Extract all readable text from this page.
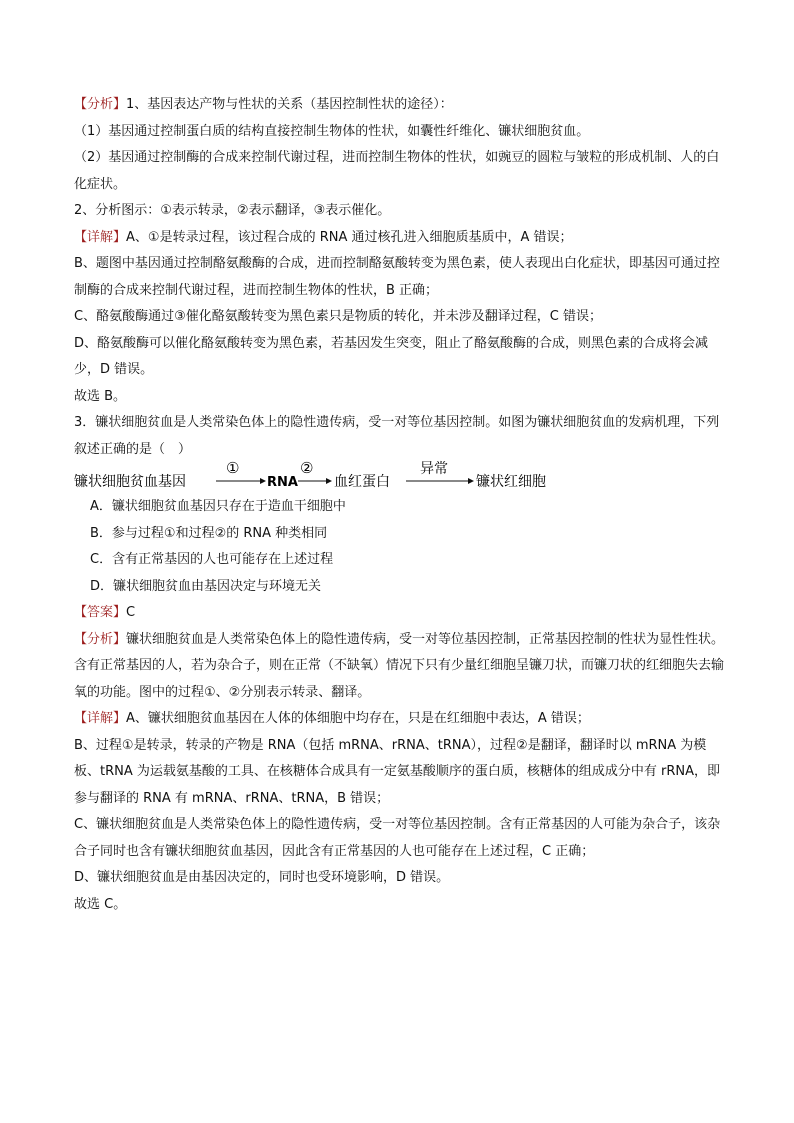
【分析】1、基因表达产物与性状的关系（基因控制性状的途径）：

（1）基因通过控制蛋白质的结构直接控制生物体的性状，如囊性纤维化、镰状细胞贫血。

（2）基因通过控制酶的合成来控制代谢过程，进而控制生物体的性状，如豌豆的圆粒与皱粒的形成机制、人的白化症状。

2、分析图示：①表示转录，②表示翻译，③表示催化。

【详解】A、①是转录过程，该过程合成的 RNA 通过核孔进入细胞质基质中，A 错误；

B、题图中基因通过控制酪氨酸酶的合成，进而控制酪氨酸转变为黑色素，使人表现出白化症状，即基因可通过控制酶的合成来控制代谢过程，进而控制生物体的性状，B 正确；

C、酪氨酸酶通过③催化酪氨酸转变为黑色素只是物质的转化，并未涉及翻译过程，C 错误；

D、酪氨酸酶可以催化酪氨酸转变为黑色素，若基因发生突变，阻止了酪氨酸酶的合成，则黑色素的合成将会减少，D 错误。

故选 B。

3．镰状细胞贫血是人类常染色体上的隐性遗传病，受一对等位基因控制。如图为镰状细胞贫血的发病机理，下列叙述正确的是（　）

镰状细胞贫血基因
①
RNA
②
血红蛋白
异常
镰状红细胞

A．镰状细胞贫血基因只存在于造血干细胞中

B．参与过程①和过程②的 RNA 种类相同

C．含有正常基因的人也可能存在上述过程

D．镰状细胞贫血由基因决定与环境无关

【答案】C

【分析】镰状细胞贫血是人类常染色体上的隐性遗传病，受一对等位基因控制，正常基因控制的性状为显性性状。含有正常基因的人，若为杂合子，则在正常（不缺氧）情况下只有少量红细胞呈镰刀状，而镰刀状的红细胞失去输氧的功能。图中的过程①、②分别表示转录、翻译。

【详解】A、镰状细胞贫血基因在人体的体细胞中均存在，只是在红细胞中表达，A 错误；

B、过程①是转录，转录的产物是 RNA（包括 mRNA、rRNA、tRNA），过程②是翻译，翻译时以 mRNA 为模板、tRNA 为运载氨基酸的工具、在核糖体合成具有一定氨基酸顺序的蛋白质，核糖体的组成成分中有 rRNA，即参与翻译的 RNA 有 mRNA、rRNA、tRNA，B 错误；

C、镰状细胞贫血是人类常染色体上的隐性遗传病，受一对等位基因控制。含有正常基因的人可能为杂合子，该杂合子同时也含有镰状细胞贫血基因，因此含有正常基因的人也可能存在上述过程，C 正确；

D、镰状细胞贫血是由基因决定的，同时也受环境影响，D 错误。

故选 C。
